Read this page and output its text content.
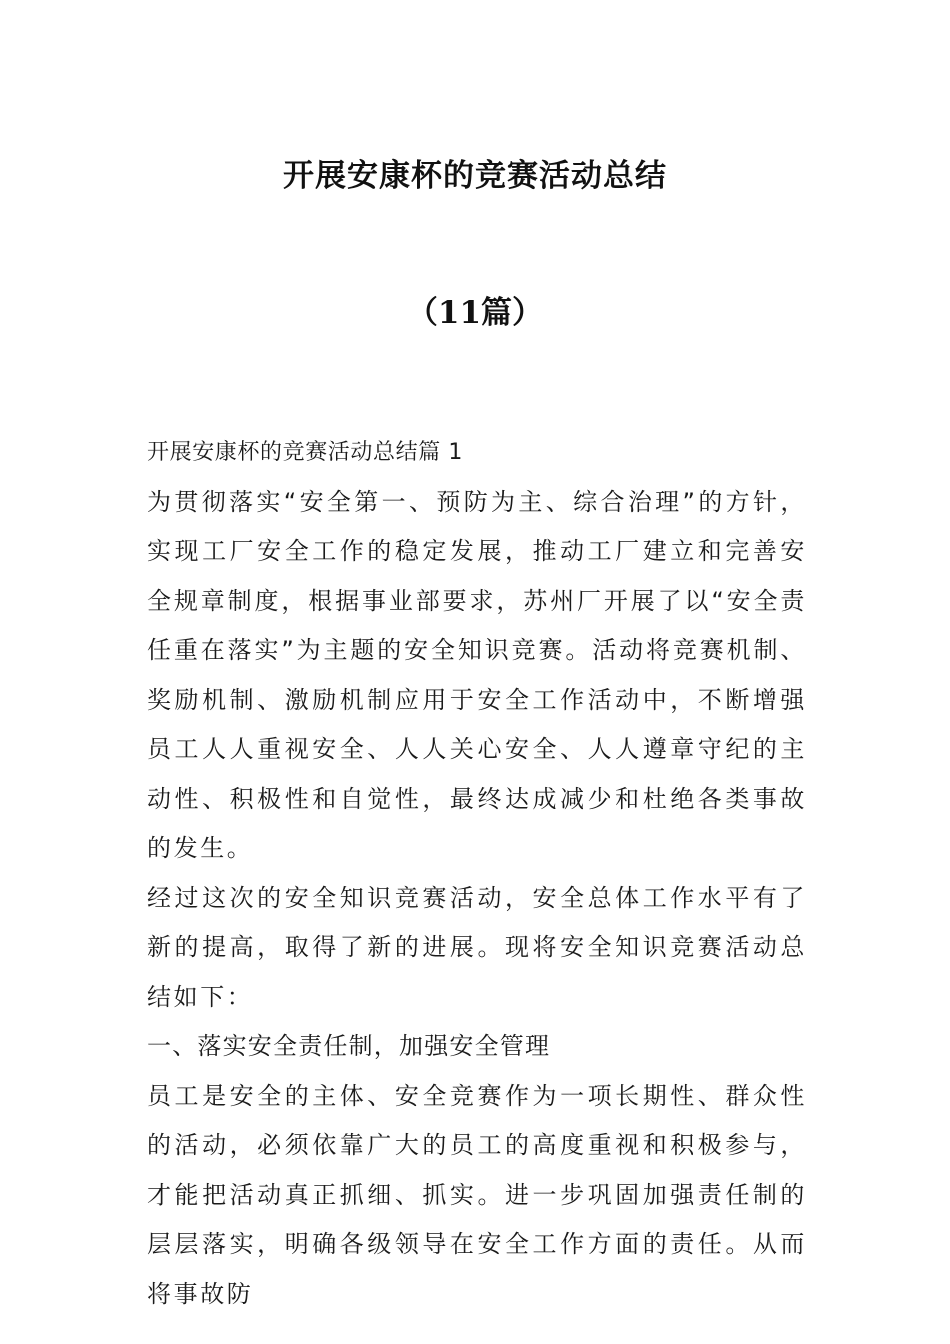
开展安康杯的竞赛活动总结
（11篇）

开展安康杯的竞赛活动总结篇 1

为贯彻落实“安全第一、预防为主、综合治理”的方针，实现工厂安全工作的稳定发展，推动工厂建立和完善安全规章制度，根据事业部要求，苏州厂开展了以“安全责任重在落实”为主题的安全知识竞赛。活动将竞赛机制、奖励机制、激励机制应用于安全工作活动中，不断增强员工人人重视安全、人人关心安全、人人遵章守纪的主动性、积极性和自觉性，最终达成减少和杜绝各类事故的发生。

经过这次的安全知识竞赛活动，安全总体工作水平有了新的提高，取得了新的进展。现将安全知识竞赛活动总结如下：

一、落实安全责任制，加强安全管理

员工是安全的主体、安全竞赛作为一项长期性、群众性的活动，必须依靠广大的员工的高度重视和积极参与，才能把活动真正抓细、抓实。进一步巩固加强责任制的层层落实，明确各级领导在安全工作方面的责任。从而将事故防
